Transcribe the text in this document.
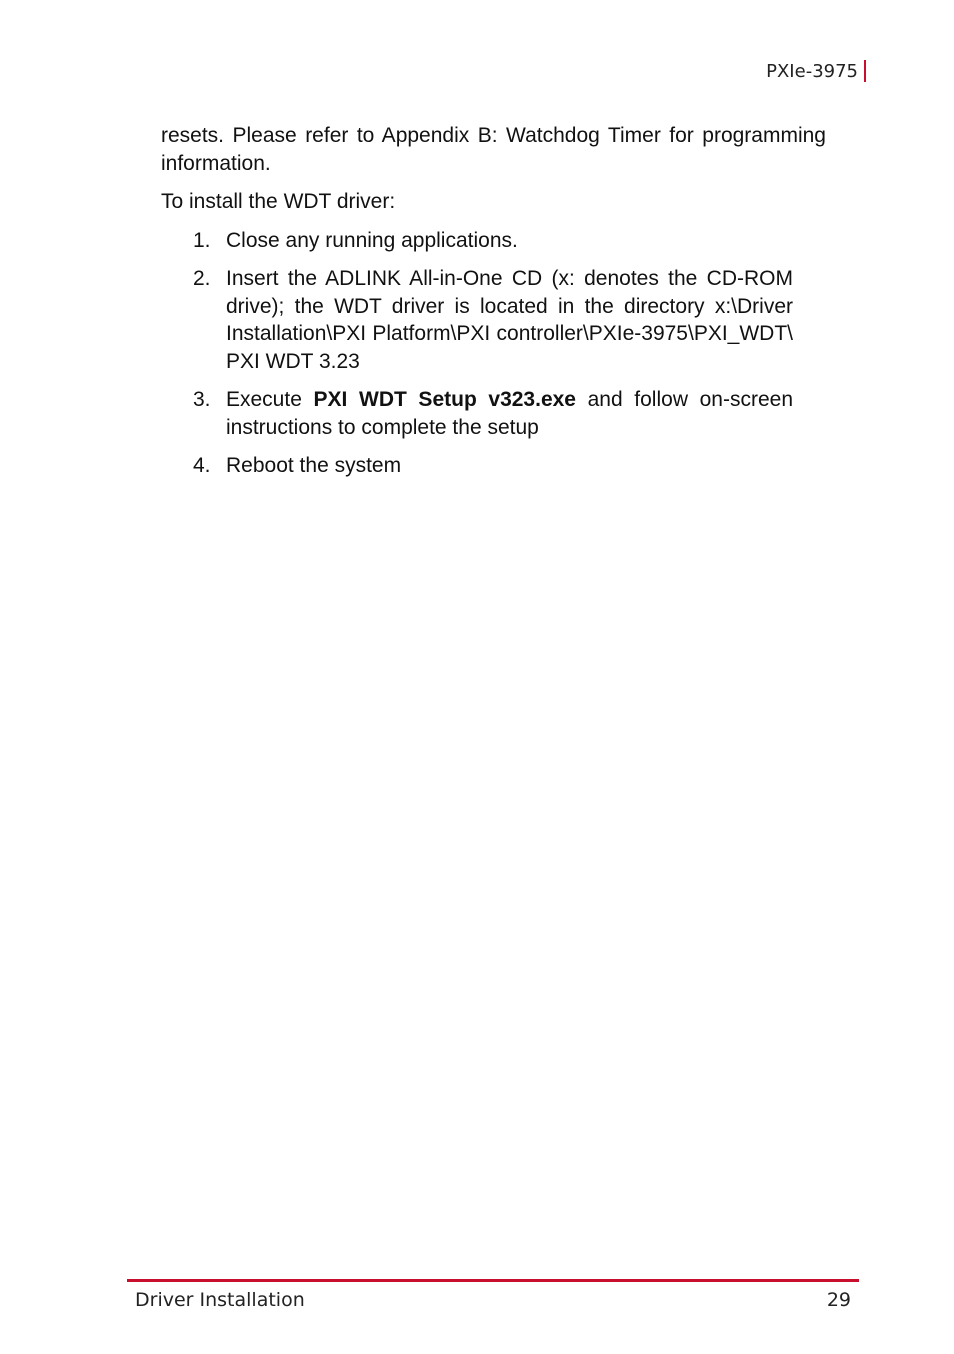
PXIe-3975

resets. Please refer to Appendix B: Watchdog Timer for programming information.

To install the WDT driver:

1. Close any running applications.
2. Insert the ADLINK All-in-One CD (x: denotes the CD-ROM drive); the WDT driver is located in the directory x:\Driver Installation\PXI Platform\PXI controller\PXIe-3975\PXI_WDT\ PXI WDT 3.23
3. Execute PXI WDT Setup v323.exe and follow on-screen instructions to complete the setup
4. Reboot the system
Driver Installation	29
